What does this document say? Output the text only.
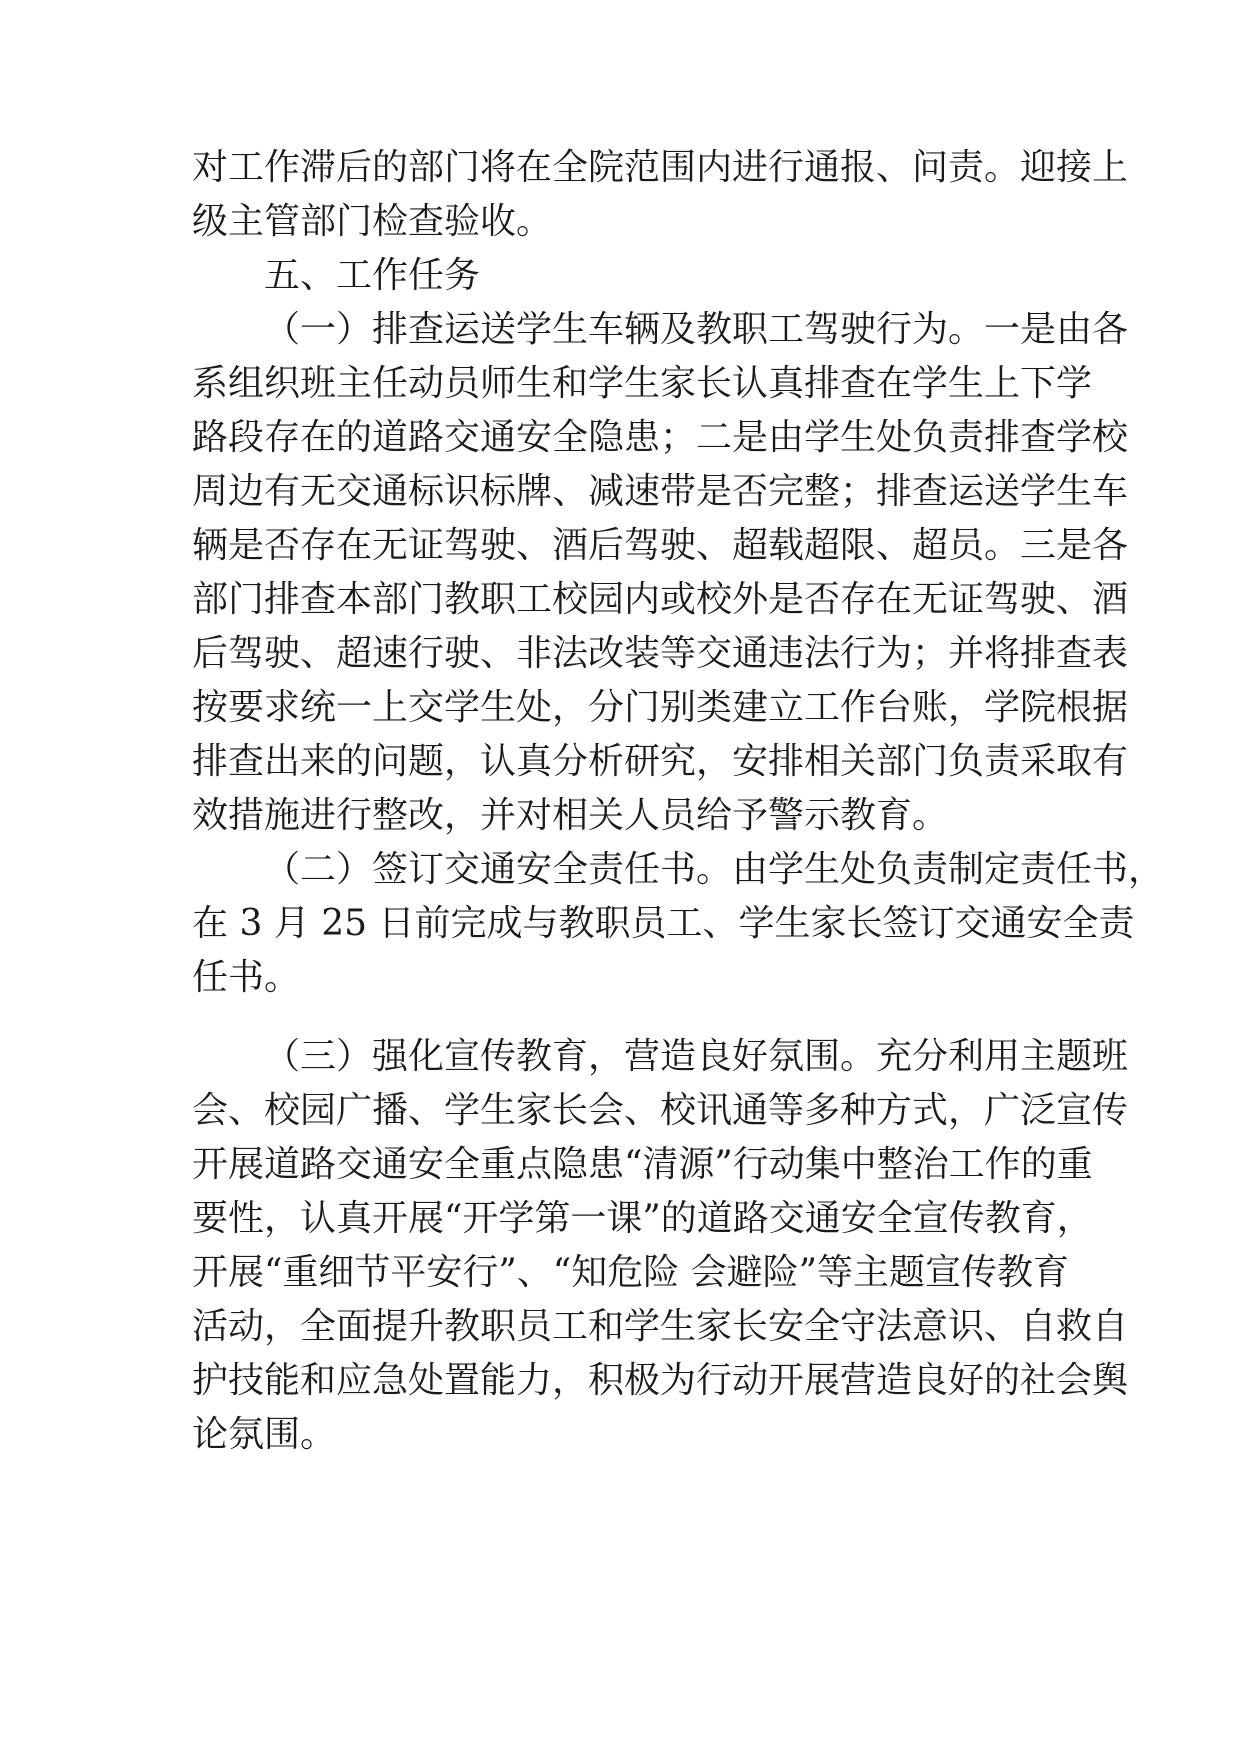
对工作滞后的部门将在全院范围内进行通报、问责。迎接上
级主管部门检查验收。
五、工作任务
（一）排查运送学生车辆及教职工驾驶行为。一是由各
系组织班主任动员师生和学生家长认真排查在学生上下学
路段存在的道路交通安全隐患；二是由学生处负责排查学校
周边有无交通标识标牌、减速带是否完整；排查运送学生车
辆是否存在无证驾驶、酒后驾驶、超载超限、超员。三是各
部门排查本部门教职工校园内或校外是否存在无证驾驶、酒
后驾驶、超速行驶、非法改装等交通违法行为；并将排查表
按要求统一上交学生处，分门别类建立工作台账，学院根据
排查出来的问题，认真分析研究，安排相关部门负责采取有
效措施进行整改，并对相关人员给予警示教育。
（二）签订交通安全责任书。由学生处负责制定责任书，
在 3 月 25 日前完成与教职员工、学生家长签订交通安全责
任书。
（三）强化宣传教育，营造良好氛围。充分利用主题班
会、校园广播、学生家长会、校讯通等多种方式，广泛宣传
开展道路交通安全重点隐患“清源”行动集中整治工作的重
要性，认真开展“开学第一课”的道路交通安全宣传教育，
开展“重细节平安行”、“知危险 会避险”等主题宣传教育
活动，全面提升教职员工和学生家长安全守法意识、自救自
护技能和应急处置能力，积极为行动开展营造良好的社会舆
论氛围。
